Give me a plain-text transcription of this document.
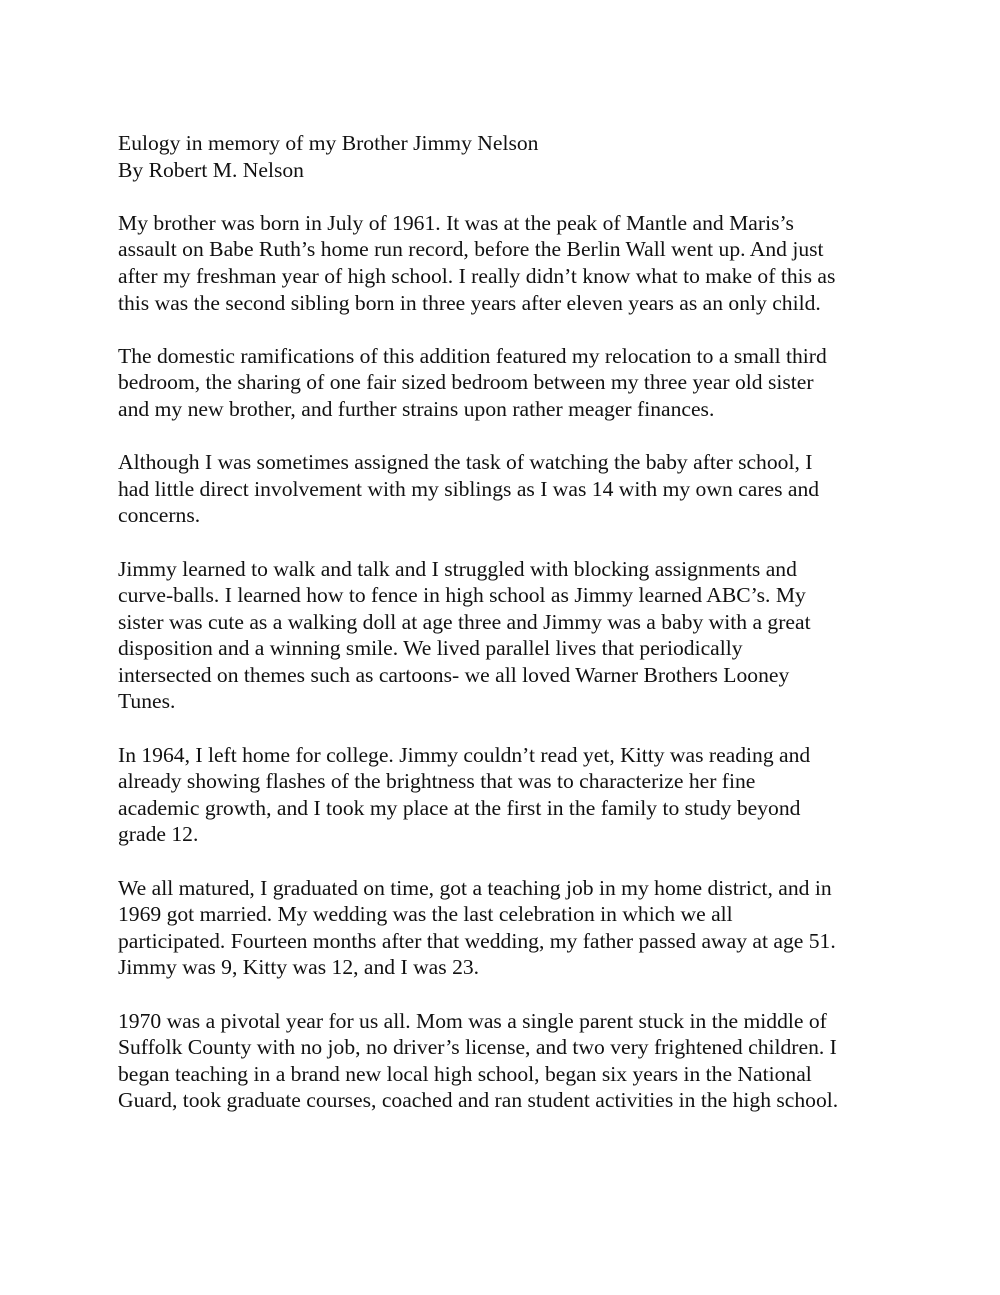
Eulogy in memory of my Brother Jimmy Nelson
By Robert M. Nelson

My brother was born in July of 1961. It was at the peak of Mantle and Maris’s
assault on Babe Ruth’s home run record, before the Berlin Wall went up. And just
after my freshman year of high school. I really didn’t know what to make of this as
this was the second sibling born in three years after eleven years as an only child.

The domestic ramifications of this addition featured my relocation to a small third
bedroom, the sharing of one fair sized bedroom between my three year old sister
and my new brother, and further strains upon rather meager finances.

Although I was sometimes assigned the task of watching the baby after school, I
had little direct involvement with my siblings as I was 14 with my own cares and
concerns.

Jimmy learned to walk and talk and I struggled with blocking assignments and
curve-balls. I learned how to fence in high school as Jimmy learned ABC’s. My
sister was cute as a walking doll at age three and Jimmy was a baby with a great
disposition and a winning smile. We lived parallel lives that periodically
intersected on themes such as cartoons- we all loved Warner Brothers Looney
Tunes.

In 1964, I left home for college. Jimmy couldn’t read yet, Kitty was reading and
already showing flashes of the brightness that was to characterize her fine
academic growth, and I took my place at the first in the family to study beyond
grade 12.

We all matured, I graduated on time, got a teaching job in my home district, and in
1969 got married. My wedding was the last celebration in which we all
participated. Fourteen months after that wedding, my father passed away at age 51.
Jimmy was 9, Kitty was 12, and I was 23.

1970 was a pivotal year for us all. Mom was a single parent stuck in the middle of
Suffolk County with no job, no driver’s license, and two very frightened children. I
began teaching in a brand new local high school, began six years in the National
Guard, took graduate courses, coached and ran student activities in the high school.
